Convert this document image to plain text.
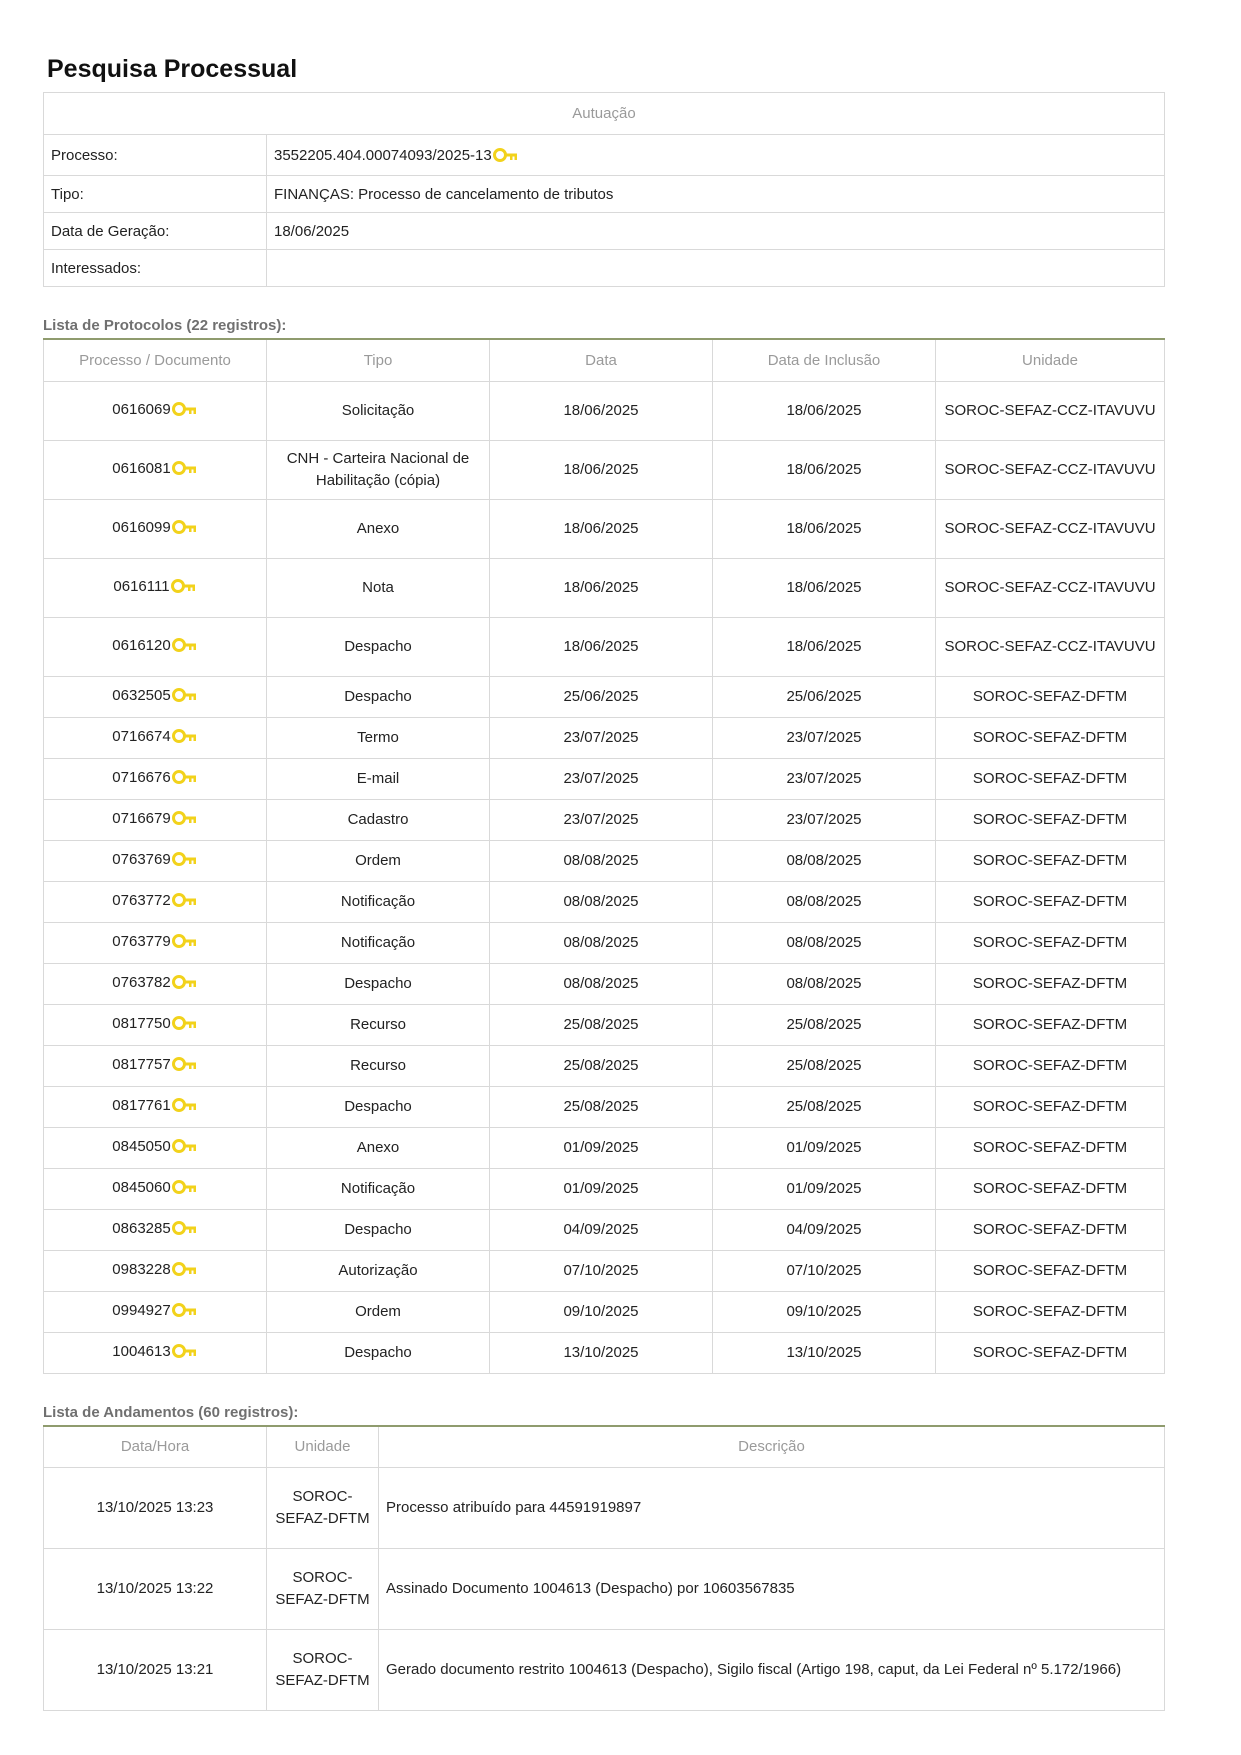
Pesquisa Processual
Autuação	
Processo:	3552205.404.00074093/2025-13
Tipo:	FINANÇAS: Processo de cancelamento de tributos
Data de Geração:	18/06/2025
Interessados:	
Lista de Protocolos (22 registros):
Processo / Documento	Tipo	Data	Data de Inclusão	Unidade
0616069	Solicitação	18/06/2025	18/06/2025	SOROC-SEFAZ-CCZ-ITAVUVU
0616081	CNH - Carteira Nacional de Habilitação (cópia)	18/06/2025	18/06/2025	SOROC-SEFAZ-CCZ-ITAVUVU
0616099	Anexo	18/06/2025	18/06/2025	SOROC-SEFAZ-CCZ-ITAVUVU
0616111	Nota	18/06/2025	18/06/2025	SOROC-SEFAZ-CCZ-ITAVUVU
0616120	Despacho	18/06/2025	18/06/2025	SOROC-SEFAZ-CCZ-ITAVUVU
0632505	Despacho	25/06/2025	25/06/2025	SOROC-SEFAZ-DFTM
0716674	Termo	23/07/2025	23/07/2025	SOROC-SEFAZ-DFTM
0716676	E-mail	23/07/2025	23/07/2025	SOROC-SEFAZ-DFTM
0716679	Cadastro	23/07/2025	23/07/2025	SOROC-SEFAZ-DFTM
0763769	Ordem	08/08/2025	08/08/2025	SOROC-SEFAZ-DFTM
0763772	Notificação	08/08/2025	08/08/2025	SOROC-SEFAZ-DFTM
0763779	Notificação	08/08/2025	08/08/2025	SOROC-SEFAZ-DFTM
0763782	Despacho	08/08/2025	08/08/2025	SOROC-SEFAZ-DFTM
0817750	Recurso	25/08/2025	25/08/2025	SOROC-SEFAZ-DFTM
0817757	Recurso	25/08/2025	25/08/2025	SOROC-SEFAZ-DFTM
0817761	Despacho	25/08/2025	25/08/2025	SOROC-SEFAZ-DFTM
0845050	Anexo	01/09/2025	01/09/2025	SOROC-SEFAZ-DFTM
0845060	Notificação	01/09/2025	01/09/2025	SOROC-SEFAZ-DFTM
0863285	Despacho	04/09/2025	04/09/2025	SOROC-SEFAZ-DFTM
0983228	Autorização	07/10/2025	07/10/2025	SOROC-SEFAZ-DFTM
0994927	Ordem	09/10/2025	09/10/2025	SOROC-SEFAZ-DFTM
1004613	Despacho	13/10/2025	13/10/2025	SOROC-SEFAZ-DFTM
Lista de Andamentos (60 registros):
Data/Hora	Unidade	Descrição
13/10/2025 13:23	SOROC-SEFAZ-DFTM	Processo atribuído para 44591919897
13/10/2025 13:22	SOROC-SEFAZ-DFTM	Assinado Documento 1004613 (Despacho) por 10603567835
13/10/2025 13:21	SOROC-SEFAZ-DFTM	Gerado documento restrito 1004613 (Despacho), Sigilo fiscal (Artigo 198, caput, da Lei Federal nº 5.172/1966)
